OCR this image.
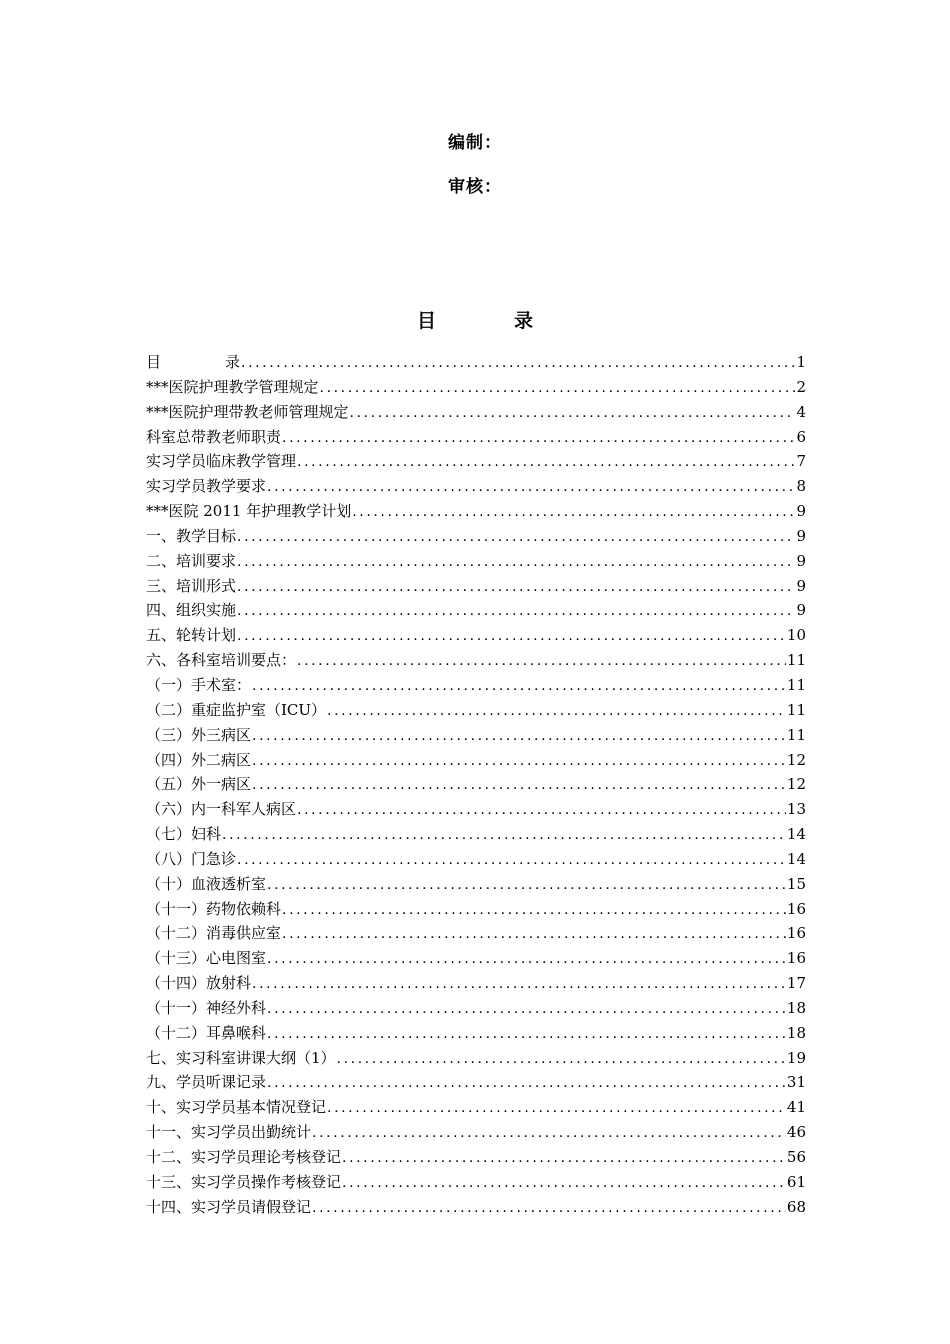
编制：
审核：
目	录
目	录 .....	1
***医院护理教学管理规定 .....	2
***医院护理带教老师管理规定 .....	4
科室总带教老师职责 .....	6
实习学员临床教学管理 .....	7
实习学员教学要求 .....	8
***医院 2011 年护理教学计划 .....	9
一、教学目标 .....	9
二、培训要求 .....	9
三、培训形式 .....	9
四、组织实施 .....	9
五、轮转计划 .....	10
六、各科室培训要点： .....	11
（一）手术室： .....	11
（二）重症监护室（ICU） .....	11
（三）外三病区 .....	11
（四）外二病区 .....	12
（五）外一病区 .....	12
（六）内一科军人病区 .....	13
（七）妇科 .....	14
（八）门急诊 .....	14
（十）血液透析室 .....	15
（十一）药物依赖科 .....	16
（十二）消毒供应室 .....	16
（十三）心电图室 .....	16
（十四）放射科 .....	17
（十一）神经外科 .....	18
（十二）耳鼻喉科 .....	18
七、实习科室讲课大纲（1） .....	19
九、学员听课记录 .....	31
十、实习学员基本情况登记 .....	41
十一、实习学员出勤统计 .....	46
十二、实习学员理论考核登记 .....	56
十三、实习学员操作考核登记 .....	61
十四、实习学员请假登记 .....	68
